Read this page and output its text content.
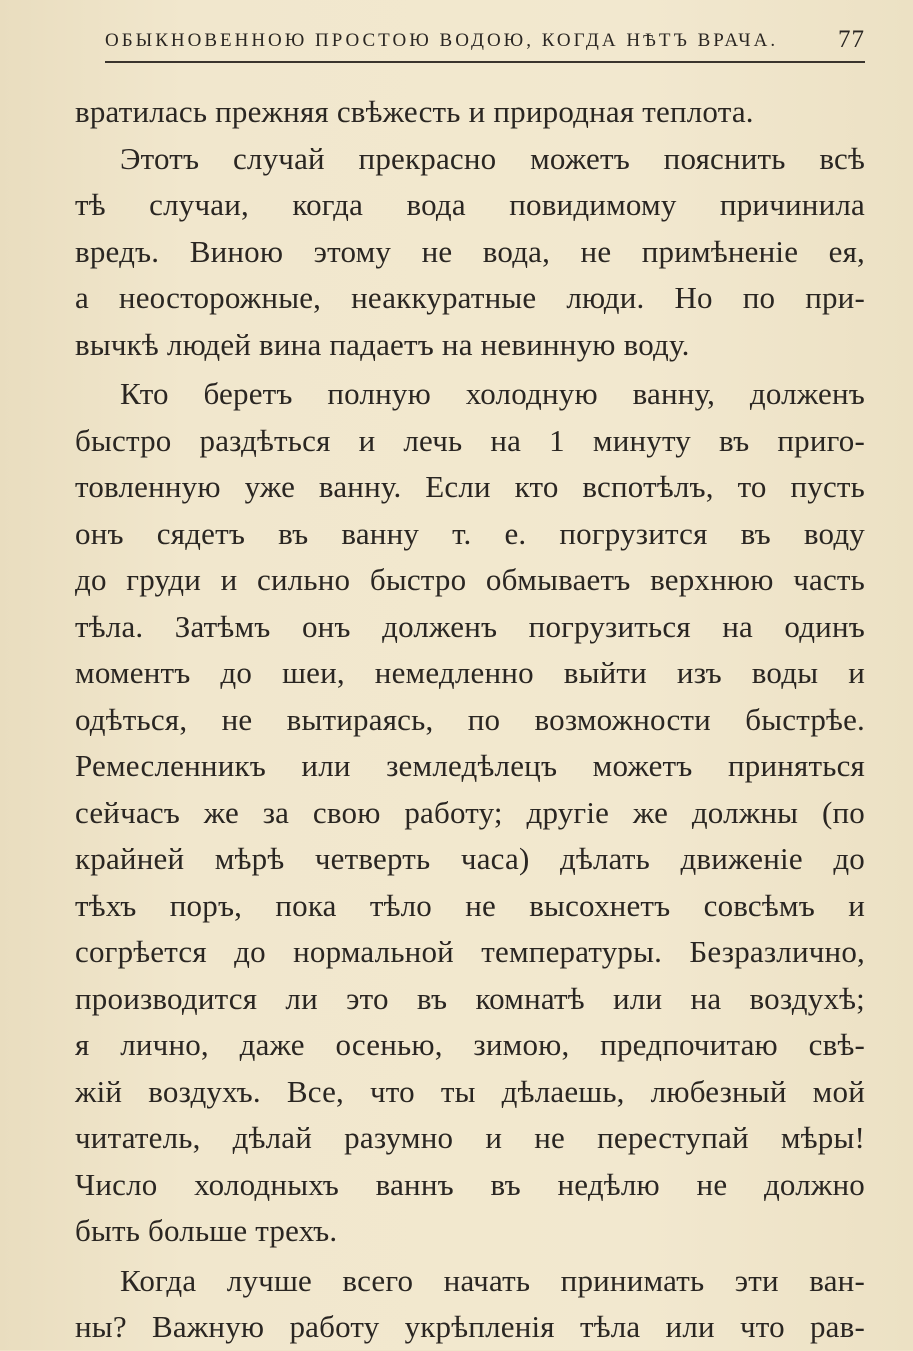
ОБЫКНОВЕННОЮ ПРОСТОЮ ВОДОЮ, КОГДА НѢТЪ ВРАЧА. 77
вратилась прежняя свѣжесть и природная теплота.
Этотъ случай прекрасно можетъ пояснить всѣ
тѣ случаи, когда вода повидимому причинила
вредъ. Виною этому не вода, не примѣненіе ея,
а неосторожные, неаккуратные люди. Но по при-
вычкѣ людей вина падаетъ на невинную воду.
Кто беретъ полную холодную ванну, долженъ
быстро раздѣться и лечь на 1 минуту въ приго-
товленную уже ванну. Если кто вспотѣлъ, то пусть
онъ сядетъ въ ванну т. е. погрузится въ воду
до груди и сильно быстро обмываетъ верхнюю часть
тѣла. Затѣмъ онъ долженъ погрузиться на одинъ
моментъ до шеи, немедленно выйти изъ воды и
одѣться, не вытираясь, по возможности быстрѣе.
Ремесленникъ или земледѣлецъ можетъ приняться
сейчасъ же за свою работу; другіе же должны (по
крайней мѣрѣ четверть часа) дѣлать движеніе до
тѣхъ поръ, пока тѣло не высохнетъ совсѣмъ и
согрѣется до нормальной температуры. Безразлично,
производится ли это въ комнатѣ или на воздухѣ;
я лично, даже осенью, зимою, предпочитаю свѣ-
жій воздухъ. Все, что ты дѣлаешь, любезный мой
читатель, дѣлай разумно и не переступай мѣры!
Число холодныхъ ваннъ въ недѣлю не должно
быть больше трехъ.
Когда лучше всего начать принимать эти ван-
ны? Важную работу укрѣпленія тѣла или что рав-
